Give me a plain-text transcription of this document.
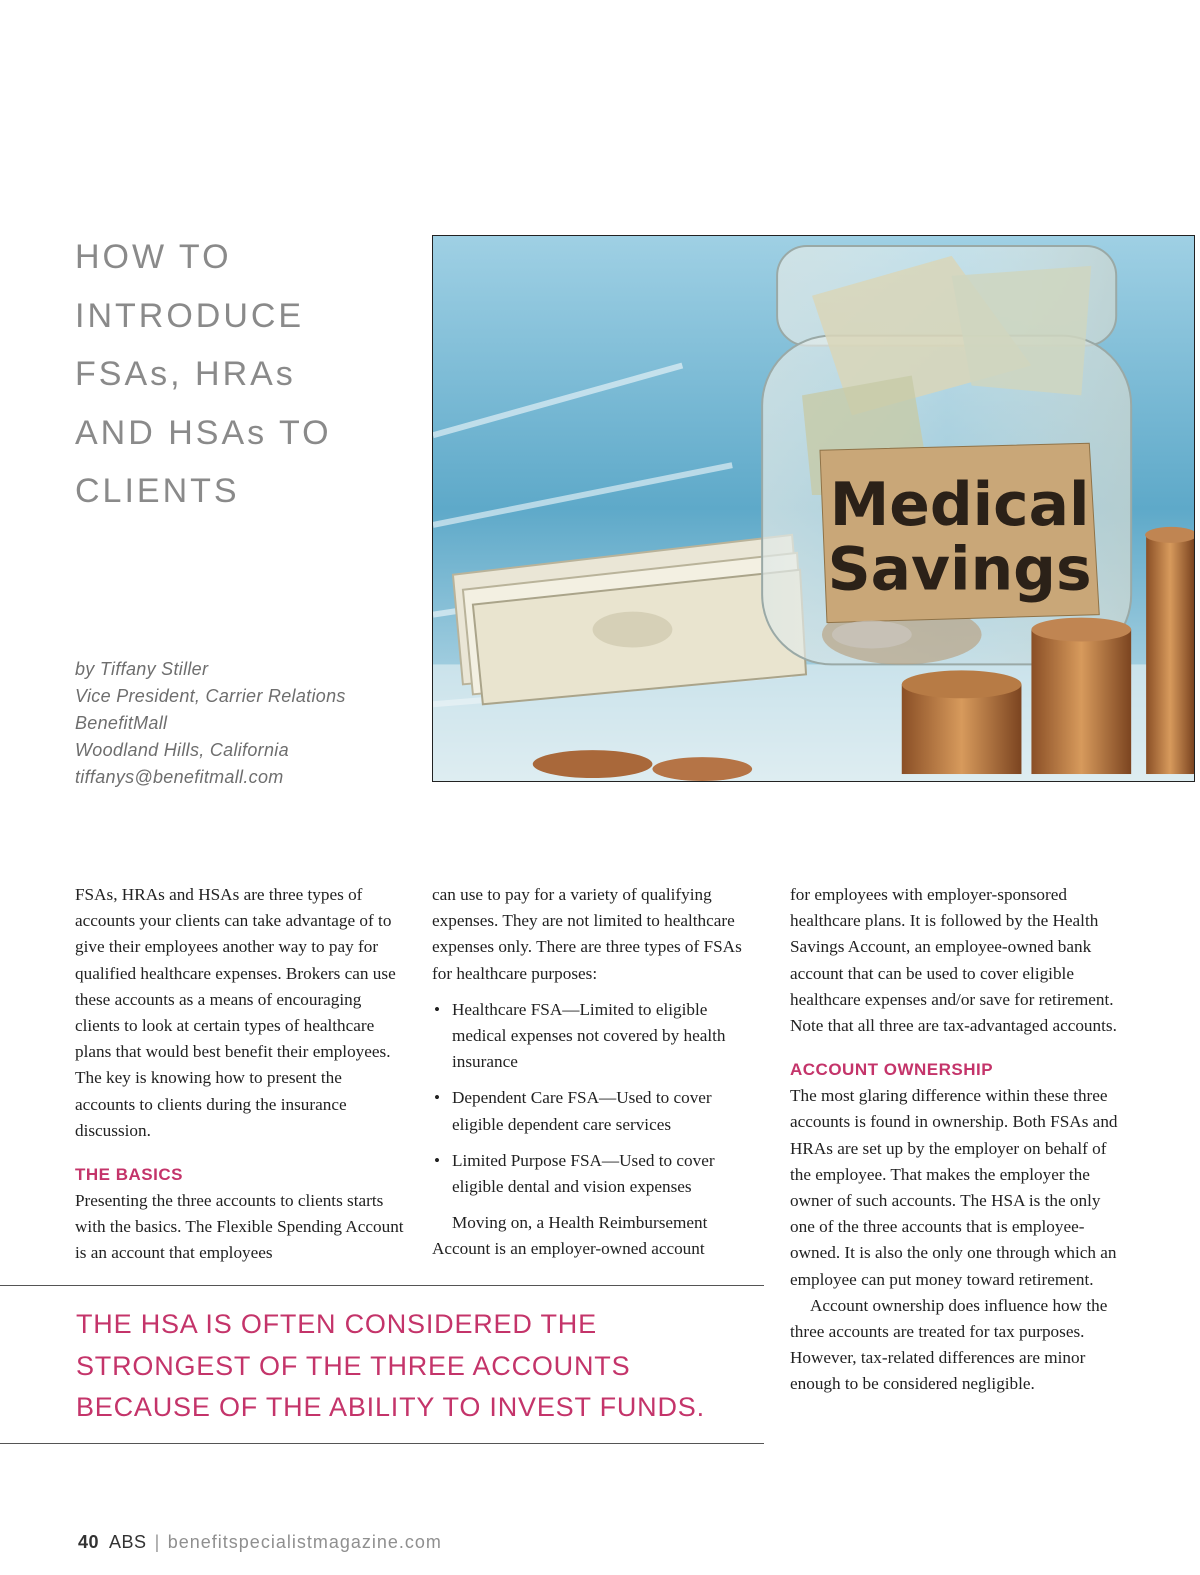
HOW TO
INTRODUCE
FSAs, HRAs
AND HSAs TO
CLIENTS
by Tiffany Stiller
Vice President, Carrier Relations
BenefitMall
Woodland Hills, California
tiffanys@benefitmall.com
Medical
Savings

FSAs, HRAs and HSAs are three types of accounts your clients can take advantage of to give their employees another way to pay for qualified healthcare expenses. Brokers can use these accounts as a means of encouraging clients to look at certain types of healthcare plans that would best benefit their employees. The key is knowing how to present the accounts to clients during the insurance discussion.

THE BASICS

Presenting the three accounts to clients starts with the basics. The Flexible Spending Account is an account that employees

can use to pay for a variety of qualifying expenses. They are not limited to healthcare expenses only. There are three types of FSAs for healthcare purposes:

• Healthcare FSA—Limited to eligible medical expenses not covered by health insurance
• Dependent Care FSA—Used to cover eligible dependent care services
• Limited Purpose FSA—Used to cover eligible dental and vision expenses

Moving on, a Health Reimbursement Account is an employer-owned account

for employees with employer-sponsored healthcare plans. It is followed by the Health Savings Account, an employee-owned bank account that can be used to cover eligible healthcare expenses and/or save for retirement. Note that all three are tax-advantaged accounts.

ACCOUNT OWNERSHIP

The most glaring difference within these three accounts is found in ownership. Both FSAs and HRAs are set up by the employer on behalf of the employee. That makes the employer the owner of such accounts. The HSA is the only one of the three accounts that is employee-owned. It is also the only one through which an employee can put money toward retirement.

Account ownership does influence how the three accounts are treated for tax purposes. However, tax-related differences are minor enough to be considered negligible.

THE HSA IS OFTEN CONSIDERED THE
STRONGEST OF THE THREE ACCOUNTS
BECAUSE OF THE ABILITY TO INVEST FUNDS.
40 ABS | benefitspecialistmagazine.com
